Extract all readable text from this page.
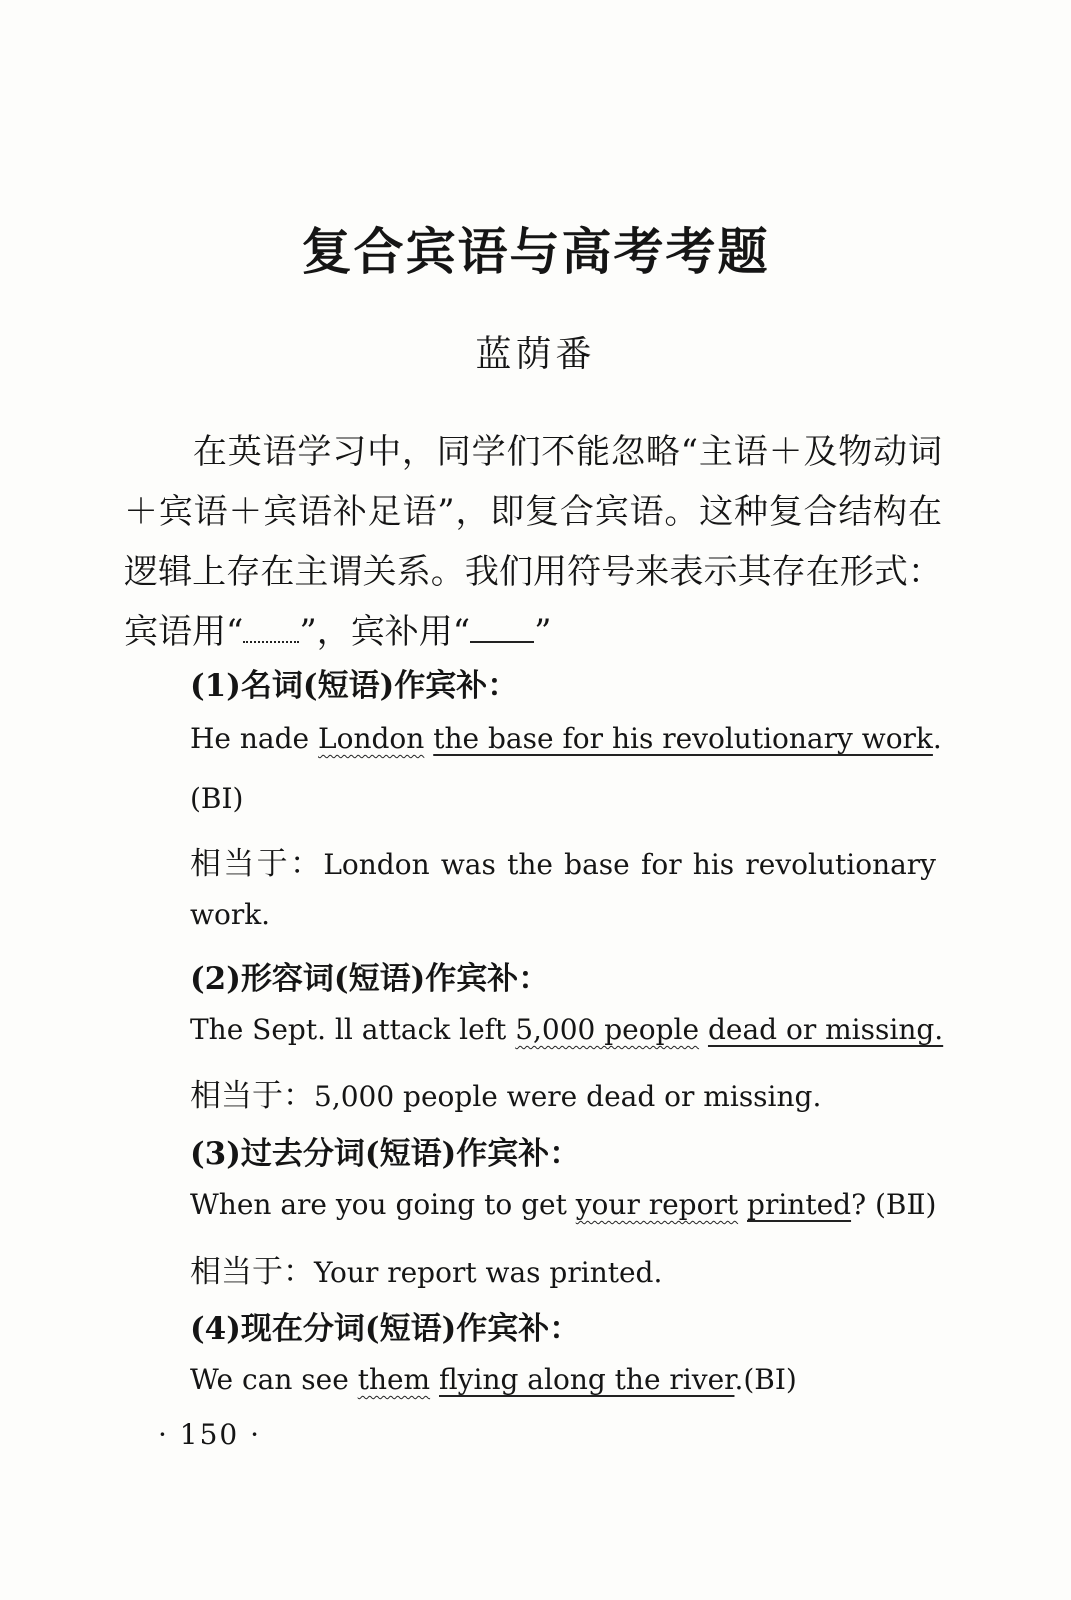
复合宾语与高考考题
蓝荫番
在英语学习中，同学们不能忽略“主语＋及物动词＋宾语＋宾语补足语”，即复合宾语。这种复合结构在逻辑上存在主谓关系。我们用符号来表示其存在形式：宾语用“ ”，宾补用“ ”
(1)名词(短语)作宾补：
He nade London the base for his revolutionary work.
(BⅠ)
相当于：London was the base for his revolutionary
work.
(2)形容词(短语)作宾补：
The Sept. ll attack left 5,000 people dead or missing.
相当于：5,000 people were dead or missing.
(3)过去分词(短语)作宾补：
When are you going to get your report printed? (BⅡ)
相当于：Your report was printed.
(4)现在分词(短语)作宾补：
We can see them flying along the river.(BⅠ)
· 150 ·
